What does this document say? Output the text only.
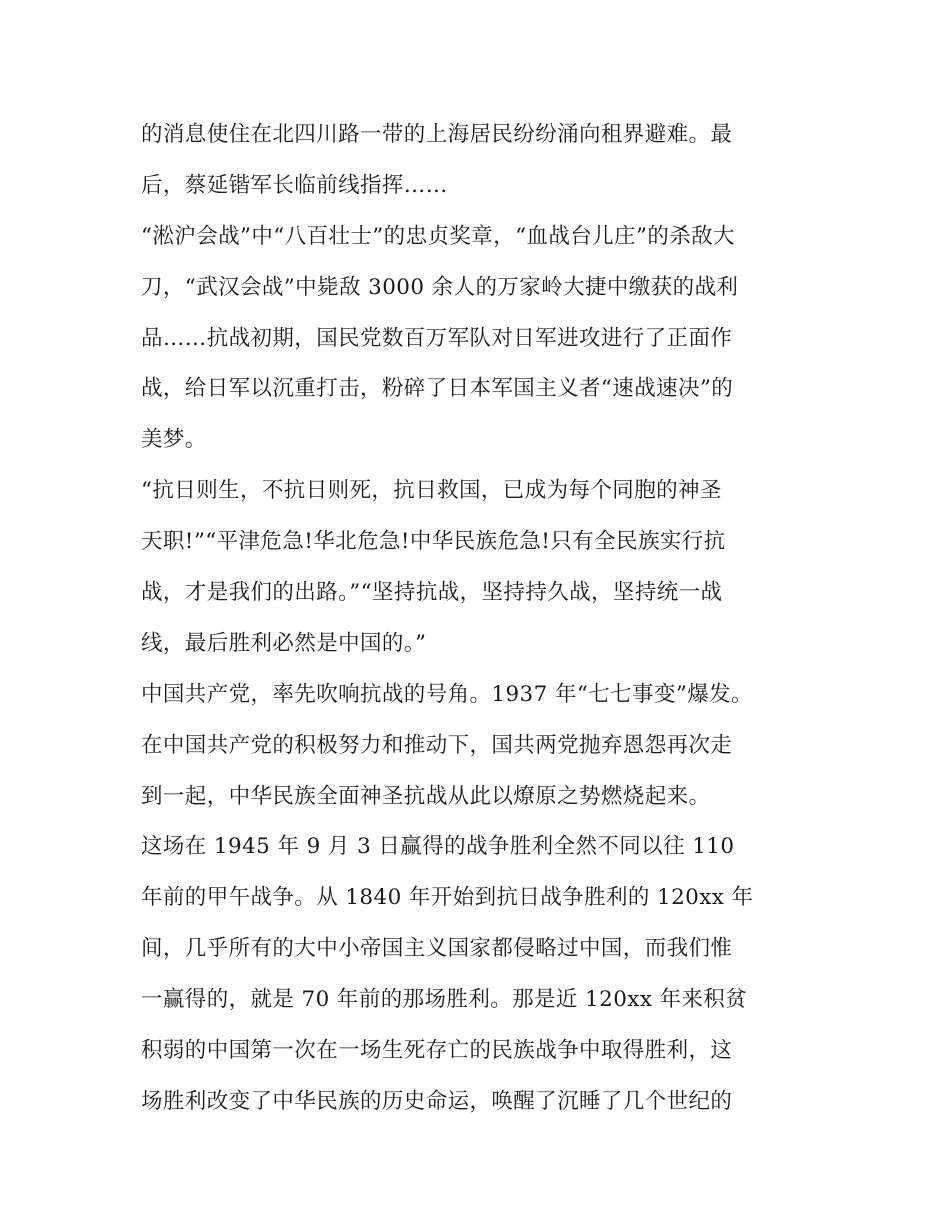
的消息使住在北四川路一带的上海居民纷纷涌向租界避难。最
后，蔡延锴军长临前线指挥……
“淞沪会战”中“八百壮士”的忠贞奖章，“血战台儿庄”的杀敌大
刀，“武汉会战”中毙敌 3000 余人的万家岭大捷中缴获的战利
品……抗战初期，国民党数百万军队对日军进攻进行了正面作
战，给日军以沉重打击，粉碎了日本军国主义者“速战速决”的
美梦。
“抗日则生，不抗日则死，抗日救国，已成为每个同胞的神圣
天职!”“平津危急!华北危急!中华民族危急!只有全民族实行抗
战，才是我们的出路。”“坚持抗战，坚持持久战，坚持统一战
线，最后胜利必然是中国的。”
中国共产党，率先吹响抗战的号角。1937 年“七七事变”爆发。
在中国共产党的积极努力和推动下，国共两党抛弃恩怨再次走
到一起，中华民族全面神圣抗战从此以燎原之势燃烧起来。
这场在 1945 年 9 月 3 日赢得的战争胜利全然不同以往 110
年前的甲午战争。从 1840 年开始到抗日战争胜利的 120xx 年
间，几乎所有的大中小帝国主义国家都侵略过中国，而我们惟
一赢得的，就是 70 年前的那场胜利。那是近 120xx 年来积贫
积弱的中国第一次在一场生死存亡的民族战争中取得胜利，这
场胜利改变了中华民族的历史命运，唤醒了沉睡了几个世纪的
